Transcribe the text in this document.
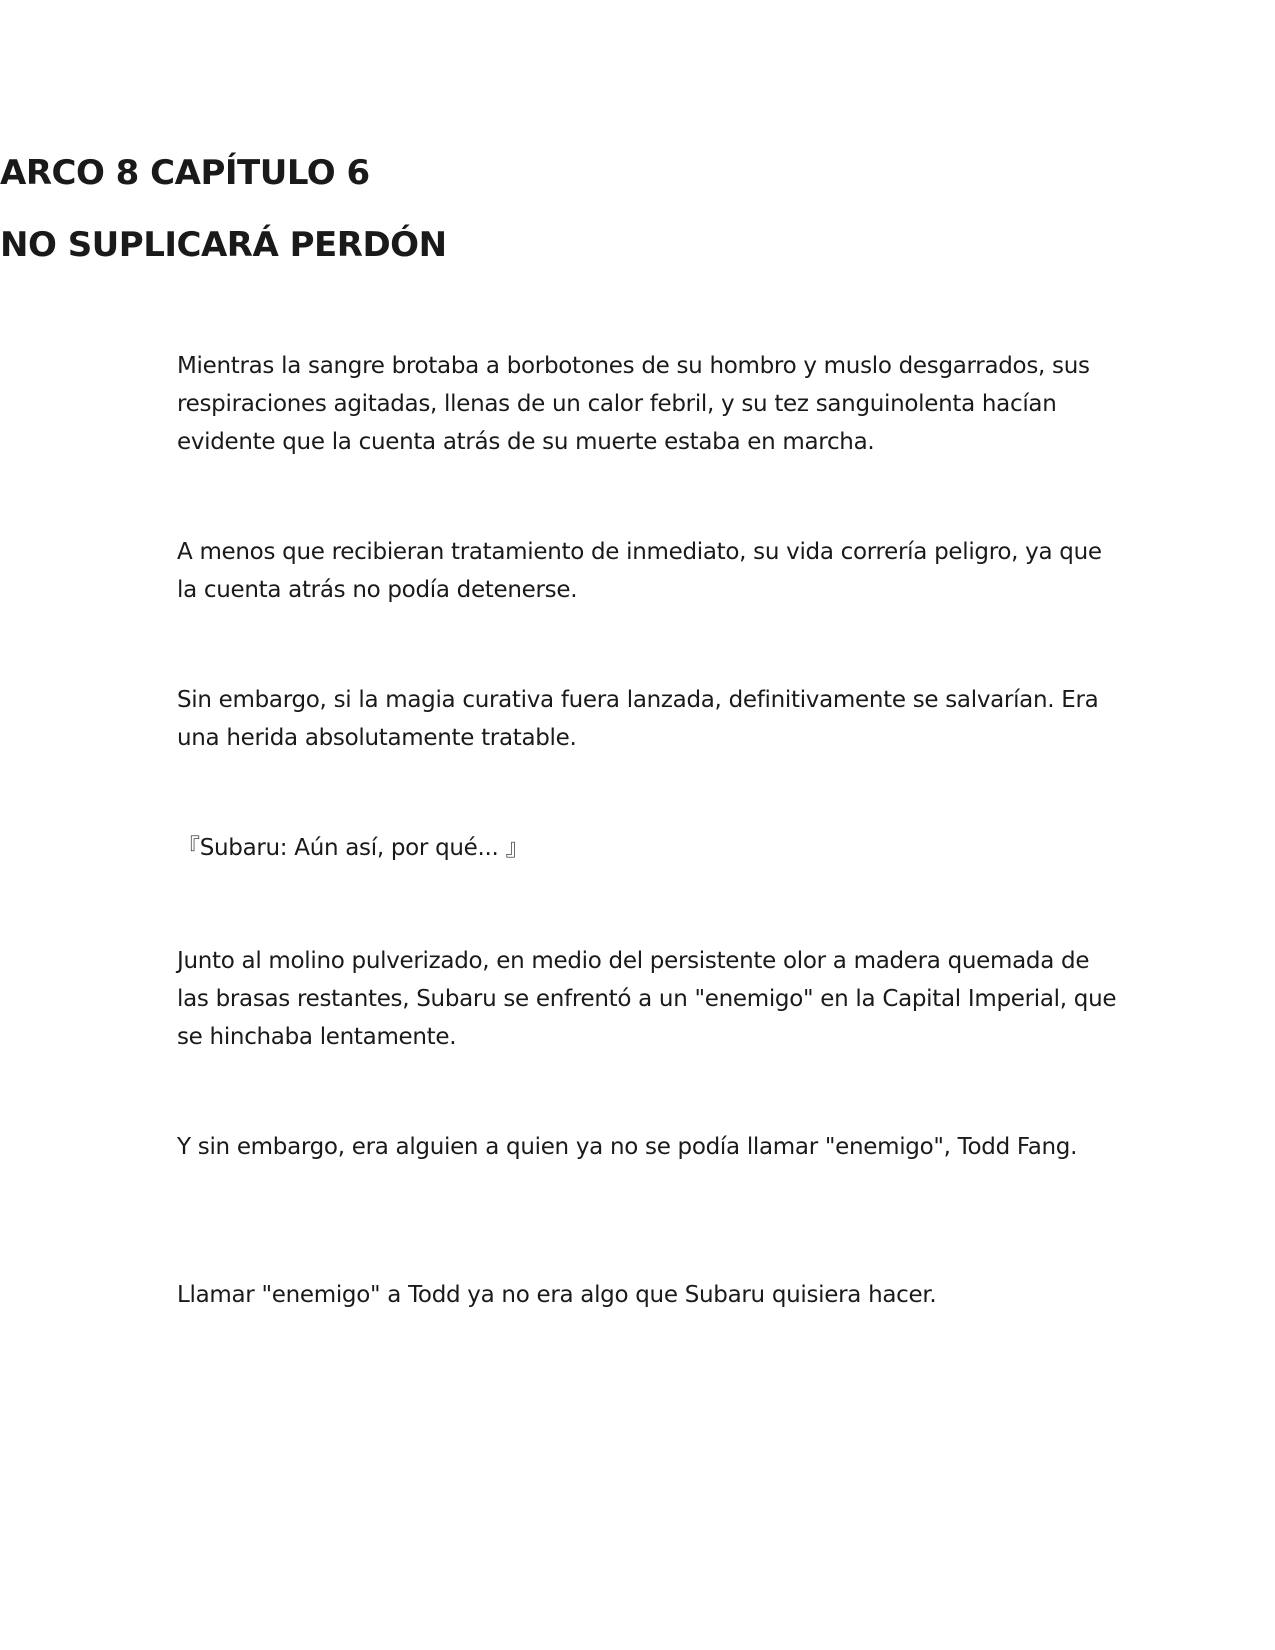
ARCO 8 CAPÍTULO 6
NO SUPLICARÁ PERDÓN

Mientras la sangre brotaba a borbotones de su hombro y muslo desgarrados, sus respiraciones agitadas, llenas de un calor febril, y su tez sanguinolenta hacían evidente que la cuenta atrás de su muerte estaba en marcha.

A menos que recibieran tratamiento de inmediato, su vida correría peligro, ya que la cuenta atrás no podía detenerse.

Sin embargo, si la magia curativa fuera lanzada, definitivamente se salvarían. Era una herida absolutamente tratable.

『Subaru: Aún así, por qué... 』

Junto al molino pulverizado, en medio del persistente olor a madera quemada de las brasas restantes, Subaru se enfrentó a un "enemigo" en la Capital Imperial, que se hinchaba lentamente.

Y sin embargo, era alguien a quien ya no se podía llamar "enemigo", Todd Fang.

Llamar "enemigo" a Todd ya no era algo que Subaru quisiera hacer.
